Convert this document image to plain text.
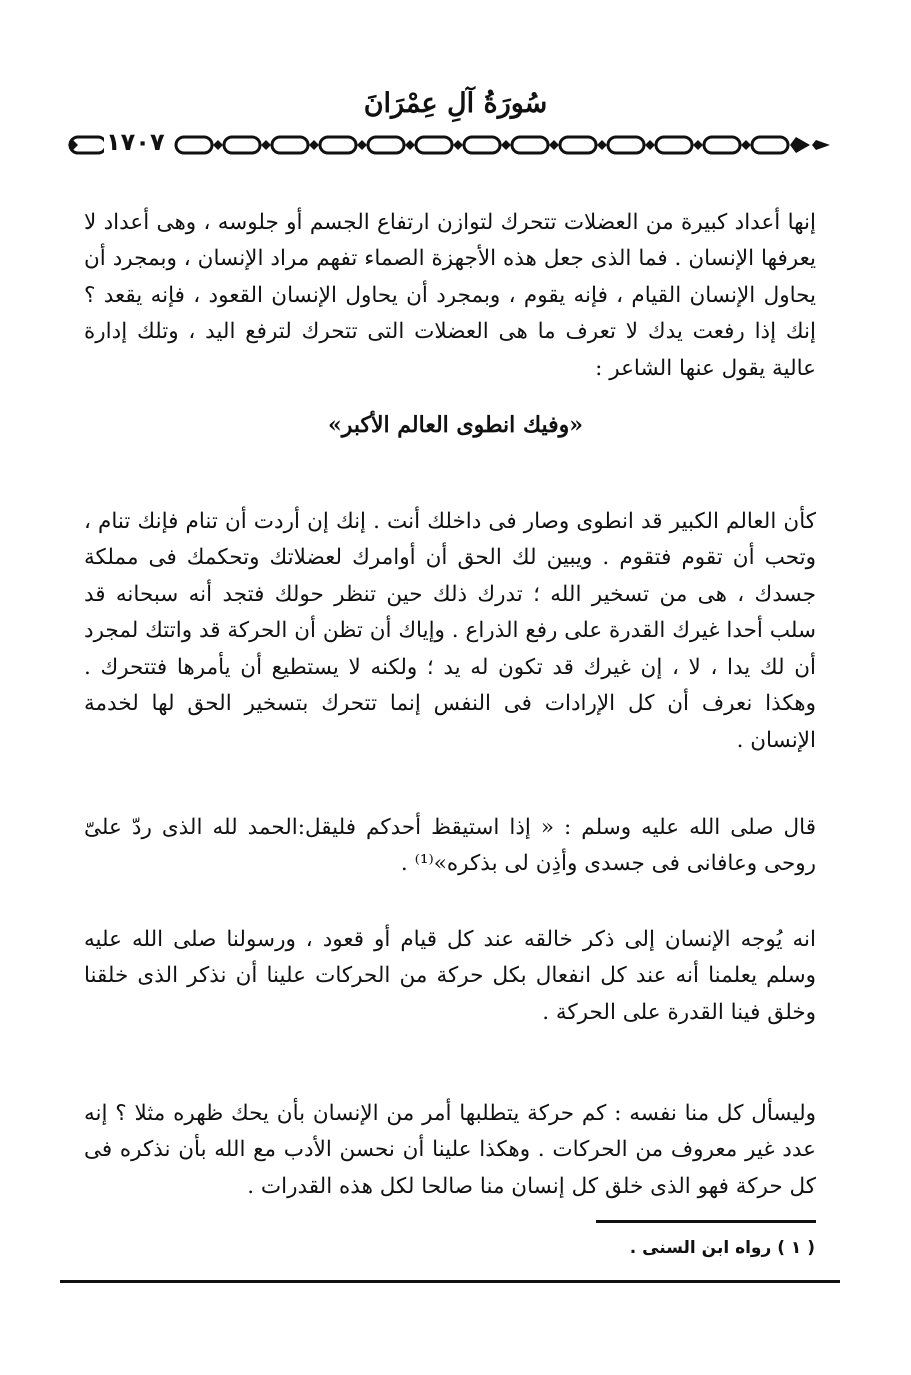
سُورَةُ آلِ عِمْرَانَ
١٧٠٧

إنها أعداد كبيرة من العضلات تتحرك لتوازن ارتفاع الجسم أو جلوسه ، وهى أعداد لا يعرفها الإنسان . فما الذى جعل هذه الأجهزة الصماء تفهم مراد الإنسان ، وبمجرد أن يحاول الإنسان القيام ، فإنه يقوم ، وبمجرد أن يحاول الإنسان القعود ، فإنه يقعد ؟ إنك إذا رفعت يدك لا تعرف ما هى العضلات التى تتحرك لترفع اليد ، وتلك إدارة عالية يقول عنها الشاعر :

«وفيك انطوى العالم الأكبر»

كأن العالم الكبير قد انطوى وصار فى داخلك أنت . إنك إن أردت أن تنام فإنك تنام ، وتحب أن تقوم فتقوم . ويبين لك الحق أن أوامرك لعضلاتك وتحكمك فى مملكة جسدك ، هى من تسخير الله ؛ تدرك ذلك حين تنظر حولك فتجد أنه سبحانه قد سلب أحدا غيرك القدرة على رفع الذراع . وإياك أن تظن أن الحركة قد واتتك لمجرد أن لك يدا ، لا ، إن غيرك قد تكون له يد ؛ ولكنه لا يستطيع أن يأمرها فتتحرك . وهكذا نعرف أن كل الإرادات فى النفس إنما تتحرك بتسخير الحق لها لخدمة الإنسان .

قال صلى الله عليه وسلم : « إذا استيقظ أحدكم فليقل:الحمد لله الذى ردّ علىّ روحى وعافانى فى جسدى وأذِن لى بذكره»⁽¹⁾ .

انه يُوجه الإنسان إلى ذكر خالقه عند كل قيام أو قعود ، ورسولنا صلى الله عليه وسلم يعلمنا أنه عند كل انفعال بكل حركة من الحركات علينا أن نذكر الذى خلقنا وخلق فينا القدرة على الحركة .

وليسأل كل منا نفسه : كم حركة يتطلبها أمر من الإنسان بأن يحك ظهره مثلا ؟ إنه عدد غير معروف من الحركات . وهكذا علينا أن نحسن الأدب مع الله بأن نذكره فى كل حركة فهو الذى خلق كل إنسان منا صالحا لكل هذه القدرات .

( ١ ) رواه ابن السنى .
